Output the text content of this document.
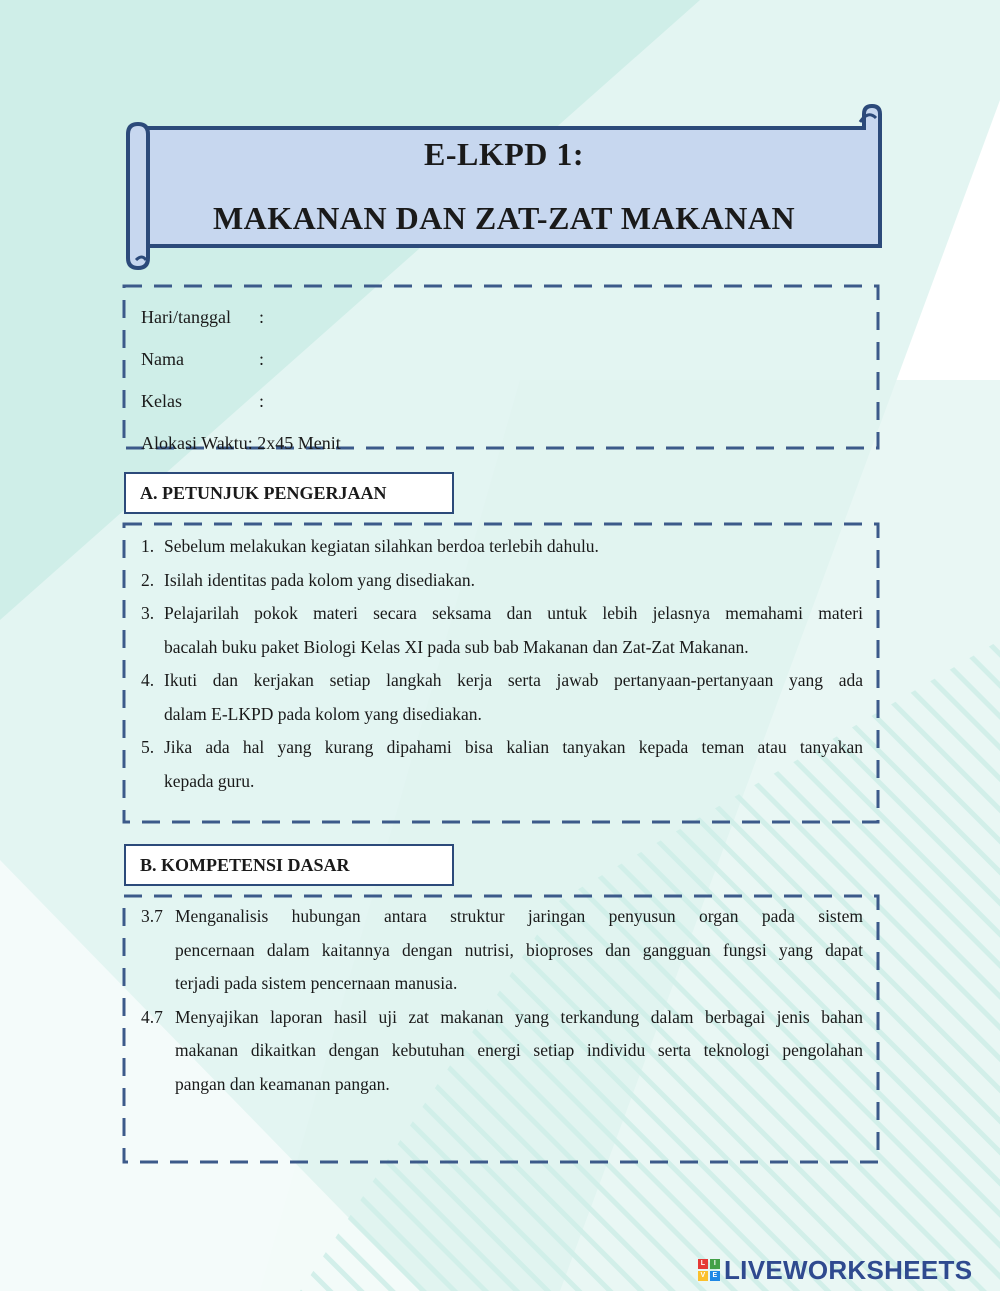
E-LKPD 1:
MAKANAN DAN ZAT-ZAT MAKANAN
Hari/tanggal	:
Nama	:
Kelas	:
Alokasi Waktu: 2x45 Menit
A. PETUNJUK PENGERJAAN
1. Sebelum melakukan kegiatan silahkan berdoa terlebih dahulu.
2. Isilah identitas pada kolom yang disediakan.
3. Pelajarilah pokok materi secara seksama dan untuk lebih jelasnya memahami materi
bacalah buku paket Biologi Kelas XI pada sub bab Makanan dan Zat-Zat Makanan.
4. Ikuti dan kerjakan setiap langkah kerja serta jawab pertanyaan-pertanyaan yang ada
dalam E-LKPD pada kolom yang disediakan.
5. Jika ada hal yang kurang dipahami bisa kalian tanyakan kepada teman atau tanyakan
kepada guru.
B. KOMPETENSI DASAR
3.7 Menganalisis hubungan antara struktur jaringan penyusun organ pada sistem
pencernaan dalam kaitannya dengan nutrisi, bioproses dan gangguan fungsi yang dapat
terjadi pada sistem pencernaan manusia.
4.7 Menyajikan laporan hasil uji zat makanan yang terkandung dalam berbagai jenis bahan
makanan dikaitkan dengan kebutuhan energi setiap individu serta teknologi pengolahan
pangan dan keamanan pangan.
L	I
V	E LIVEWORKSHEETS
